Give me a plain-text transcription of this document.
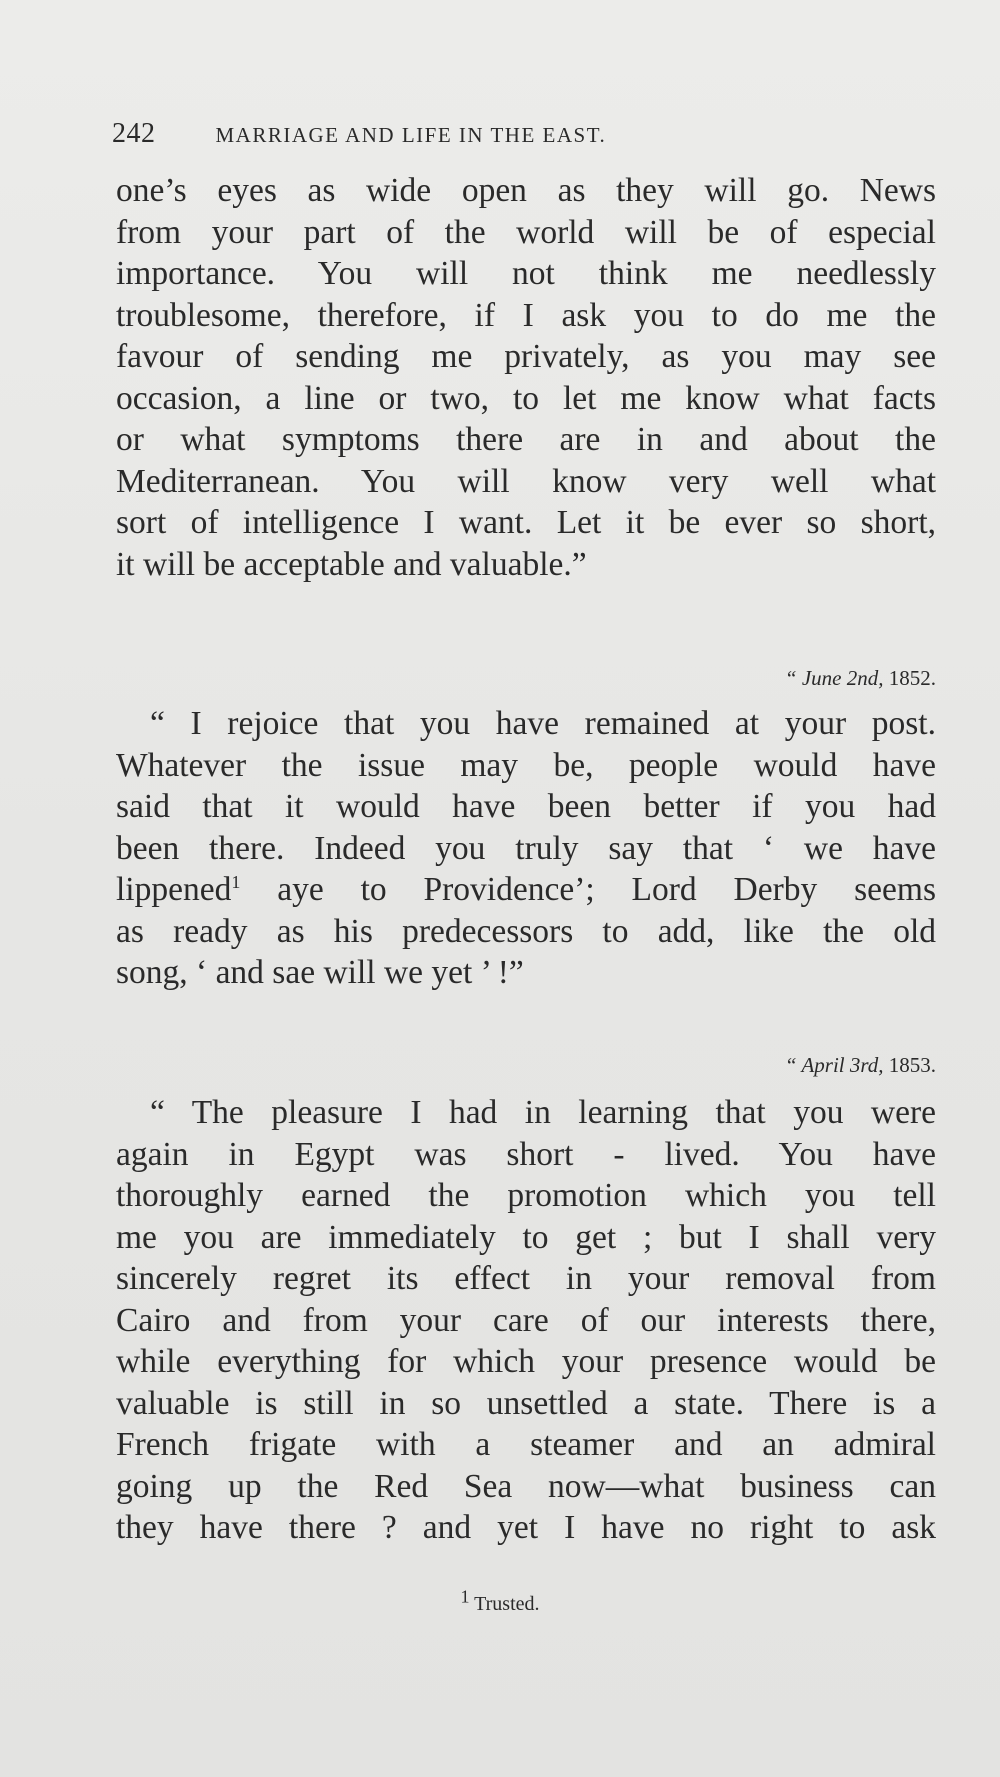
242	MARRIAGE AND LIFE IN THE EAST.
one’s eyes as wide open as they will go. News
from your part of the world will be of especial
importance. You will not think me needlessly
troublesome, therefore, if I ask you to do me the
favour of sending me privately, as you may see
occasion, a line or two, to let me know what facts
or what symptoms there are in and about the
Mediterranean. You will know very well what
sort of intelligence I want. Let it be ever so short,
it will be acceptable and valuable.”
“ June 2nd, 1852.
“ I rejoice that you have remained at your post.
Whatever the issue may be, people would have
said that it would have been better if you had
been there. Indeed you truly say that ‘ we have
lippened$^1$ aye to Providence’; Lord Derby seems
as ready as his predecessors to add, like the old
song, ‘ and sae will we yet ’ !”
“ April 3rd, 1853.
“ The pleasure I had in learning that you were
again in Egypt was short - lived. You have
thoroughly earned the promotion which you tell
me you are immediately to get ; but I shall very
sincerely regret its effect in your removal from
Cairo and from your care of our interests there,
while everything for which your presence would be
valuable is still in so unsettled a state. There is a
French frigate with a steamer and an admiral
going up the Red Sea now—what business can
they have there ? and yet I have no right to ask
$^1$ Trusted.
